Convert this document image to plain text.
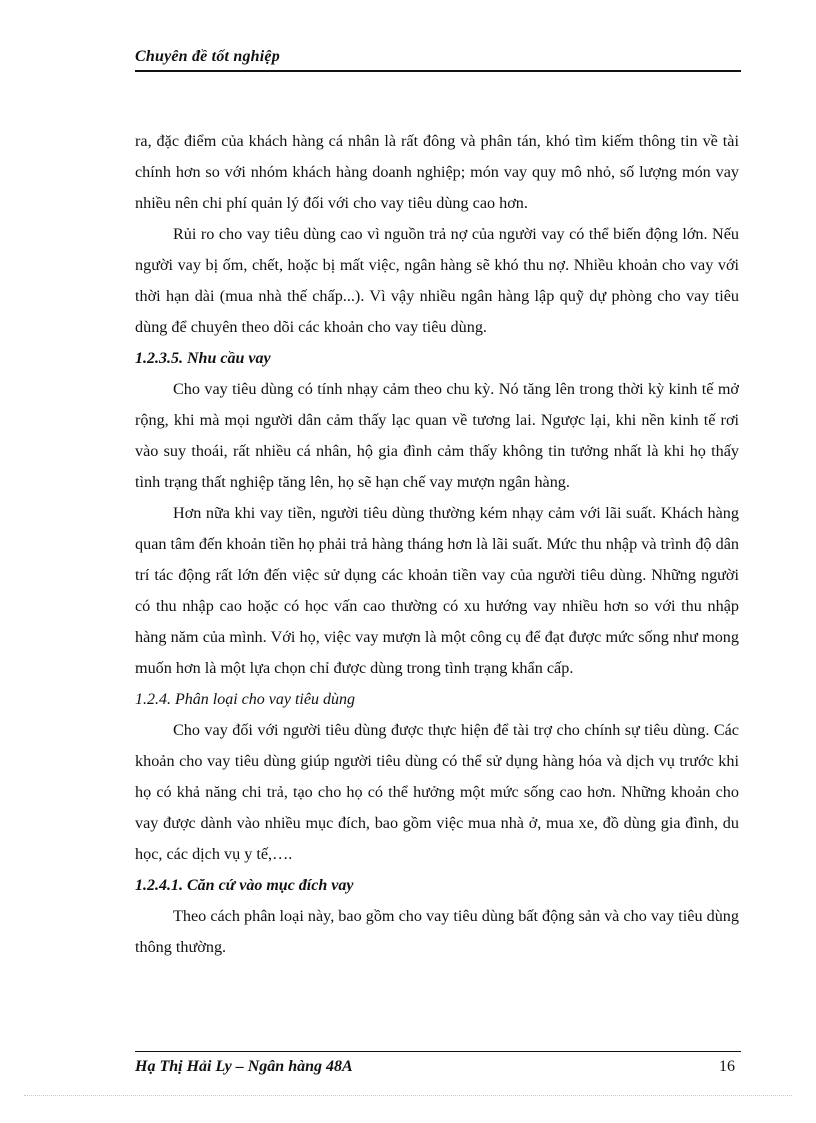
Chuyên đề tốt nghiệp

ra, đặc điểm của khách hàng cá nhân là rất đông và phân tán, khó tìm kiếm thông tin về tài chính hơn so với nhóm khách hàng doanh nghiệp; món vay quy mô nhỏ, số lượng món vay nhiều nên chi phí quản lý đối với cho vay tiêu dùng cao hơn.

Rủi ro cho vay tiêu dùng cao vì nguồn trả nợ của người vay có thể biến động lớn. Nếu người vay bị ốm, chết, hoặc bị mất việc, ngân hàng sẽ khó thu nợ. Nhiều khoản cho vay với thời hạn dài (mua nhà thế chấp...). Vì vậy nhiều ngân hàng lập quỹ dự phòng cho vay tiêu dùng để chuyên theo dõi các khoản cho vay tiêu dùng.

1.2.3.5. Nhu cầu vay

Cho vay tiêu dùng có tính nhạy cảm theo chu kỳ. Nó tăng lên trong thời kỳ kinh tế mở rộng, khi mà mọi người dân cảm thấy lạc quan về tương lai. Ngược lại, khi nền kinh tế rơi vào suy thoái, rất nhiều cá nhân, hộ gia đình cảm thấy không tin tưởng nhất là khi họ thấy tình trạng thất nghiệp tăng lên, họ sẽ hạn chế vay mượn ngân hàng.

Hơn nữa khi vay tiền, người tiêu dùng thường kém nhạy cảm với lãi suất. Khách hàng quan tâm đến khoản tiền họ phải trả hàng tháng hơn là lãi suất. Mức thu nhập và trình độ dân trí tác động rất lớn đến việc sử dụng các khoản tiền vay của người tiêu dùng. Những người có thu nhập cao hoặc có học vấn cao thường có xu hướng vay nhiều hơn so với thu nhập hàng năm của mình. Với họ, việc vay mượn là một công cụ để đạt được mức sống như mong muốn hơn là một lựa chọn chỉ được dùng trong tình trạng khẩn cấp.

1.2.4. Phân loại cho vay tiêu dùng

Cho vay đối với người tiêu dùng được thực hiện để tài trợ cho chính sự tiêu dùng. Các khoản cho vay tiêu dùng giúp người tiêu dùng có thể sử dụng hàng hóa và dịch vụ trước khi họ có khả năng chi trả, tạo cho họ có thể hưởng một mức sống cao hơn. Những khoản cho vay được dành vào nhiều mục đích, bao gồm việc mua nhà ở, mua xe, đồ dùng gia đình, du học, các dịch vụ y tế,….

1.2.4.1. Căn cứ vào mục đích vay

Theo cách phân loại này, bao gồm cho vay tiêu dùng bất động sản và cho vay tiêu dùng thông thường.

Hạ Thị Hải Ly – Ngân hàng 48A	16
